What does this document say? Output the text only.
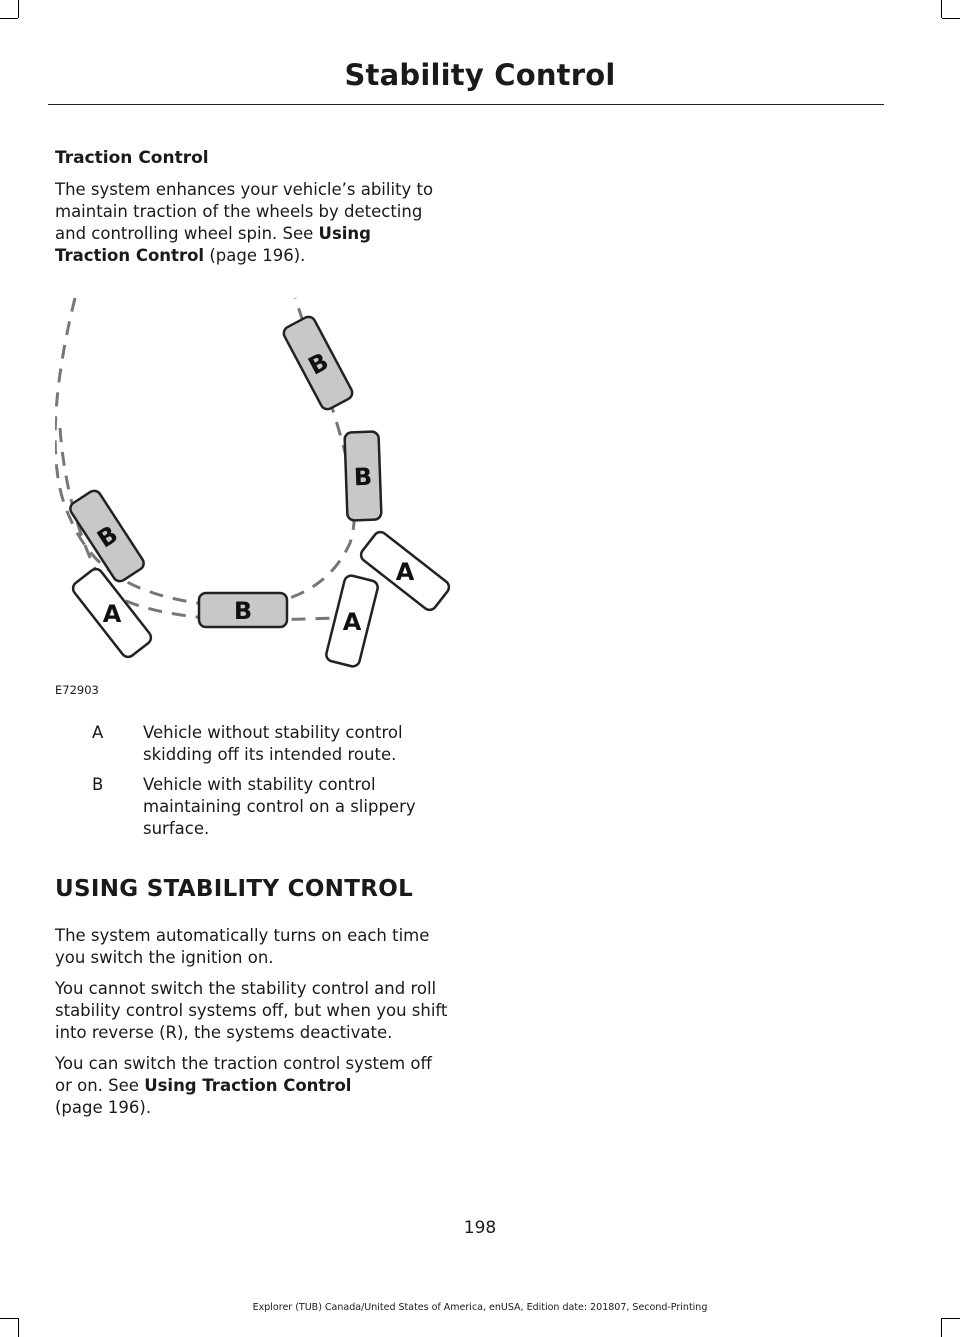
Stability Control

Traction Control

The system enhances your vehicle’s ability to maintain traction of the wheels by detecting and controlling wheel spin. See Using Traction Control (page 196).

B
B
B
B
A	A
A
E72903
A Vehicle without stability control skidding off its intended route.
B Vehicle with stability control maintaining control on a slippery surface.
USING STABILITY CONTROL

The system automatically turns on each time you switch the ignition on.

You cannot switch the stability control and roll stability control systems off, but when you shift into reverse (R), the systems deactivate.

You can switch the traction control system off or on. See Using Traction Control
(page 196).

198
Explorer (TUB) Canada/United States of America, enUSA, Edition date: 201807, Second-Printing
